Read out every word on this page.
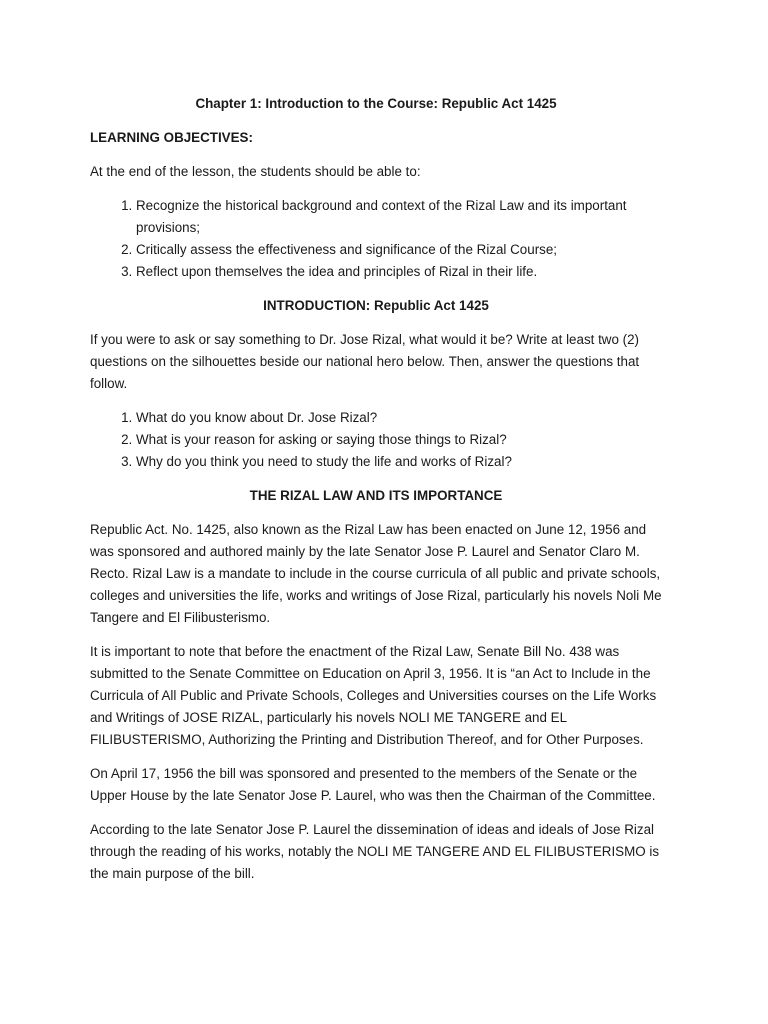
Chapter 1: Introduction to the Course: Republic Act 1425

LEARNING OBJECTIVES:

At the end of the lesson, the students should be able to:

1. Recognize the historical background and context of the Rizal Law and its important provisions;
2. Critically assess the effectiveness and significance of the Rizal Course;
3. Reflect upon themselves the idea and principles of Rizal in their life.

INTRODUCTION: Republic Act 1425

If you were to ask or say something to Dr. Jose Rizal, what would it be? Write at least two (2) questions on the silhouettes beside our national hero below. Then, answer the questions that follow.

1. What do you know about Dr. Jose Rizal?
2. What is your reason for asking or saying those things to Rizal?
3. Why do you think you need to study the life and works of Rizal?

THE RIZAL LAW AND ITS IMPORTANCE

Republic Act. No. 1425, also known as the Rizal Law has been enacted on June 12, 1956 and was sponsored and authored mainly by the late Senator Jose P. Laurel and Senator Claro M. Recto. Rizal Law is a mandate to include in the course curricula of all public and private schools, colleges and universities the life, works and writings of Jose Rizal, particularly his novels Noli Me Tangere and El Filibusterismo.

It is important to note that before the enactment of the Rizal Law, Senate Bill No. 438 was submitted to the Senate Committee on Education on April 3, 1956. It is “an Act to Include in the Curricula of All Public and Private Schools, Colleges and Universities courses on the Life Works and Writings of JOSE RIZAL, particularly his novels NOLI ME TANGERE and EL FILIBUSTERISMO, Authorizing the Printing and Distribution Thereof, and for Other Purposes.

On April 17, 1956 the bill was sponsored and presented to the members of the Senate or the Upper House by the late Senator Jose P. Laurel, who was then the Chairman of the Committee.

According to the late Senator Jose P. Laurel the dissemination of ideas and ideals of Jose Rizal through the reading of his works, notably the NOLI ME TANGERE AND EL FILIBUSTERISMO is the main purpose of the bill.
